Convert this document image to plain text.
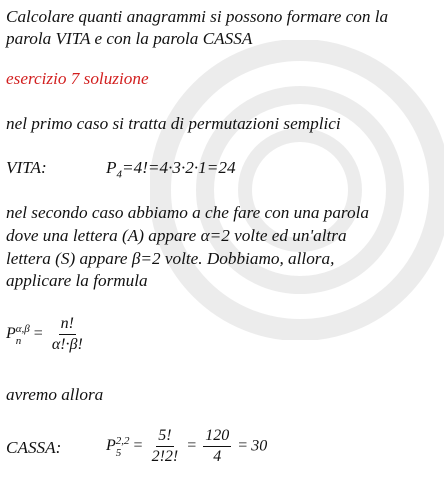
Calcolare quanti anagrammi si possono formare con la
parola VITA e con la parola CASSA
esercizio 7 soluzione
nel primo caso si tratta di permutazioni semplici
VITA:	$P_4=4!=4\cdot 3\cdot 2\cdot 1=24$
nel secondo caso abbiamo a che fare con una parola
dove una lettera (A) appare α=2 volte ed un'altra
lettera (S) appare β=2 volte. Dobbiamo, allora,
applicare la formula
P α,β
$n = \frac{n!}{\alpha!\cdot\beta!}$
avremo allora
CASSA:	P 2,2
$5 = \frac{5!}{2!2!} = \frac{120}{4} = 30$
